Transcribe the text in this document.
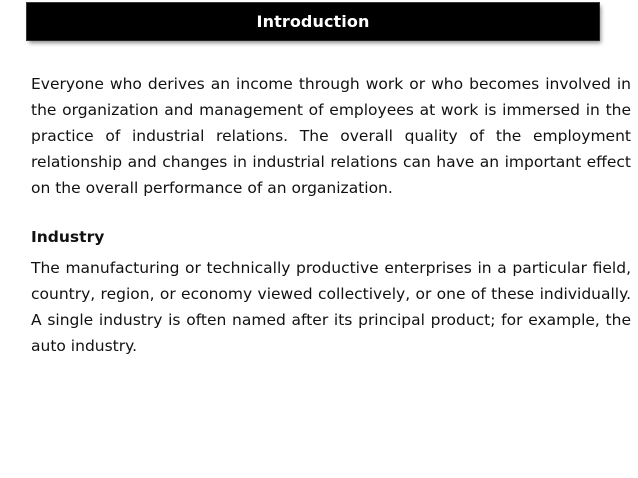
Introduction

Everyone who derives an income through work or who becomes involved in the organization and management of employees at work is immersed in the practice of industrial relations. The overall quality of the employment relationship and changes in industrial relations can have an important effect on the overall performance of an organization.

Industry

The manufacturing or technically productive enterprises in a particular field, country, region, or economy viewed collectively, or one of these individually. A single industry is often named after its principal product; for example, the auto industry.
